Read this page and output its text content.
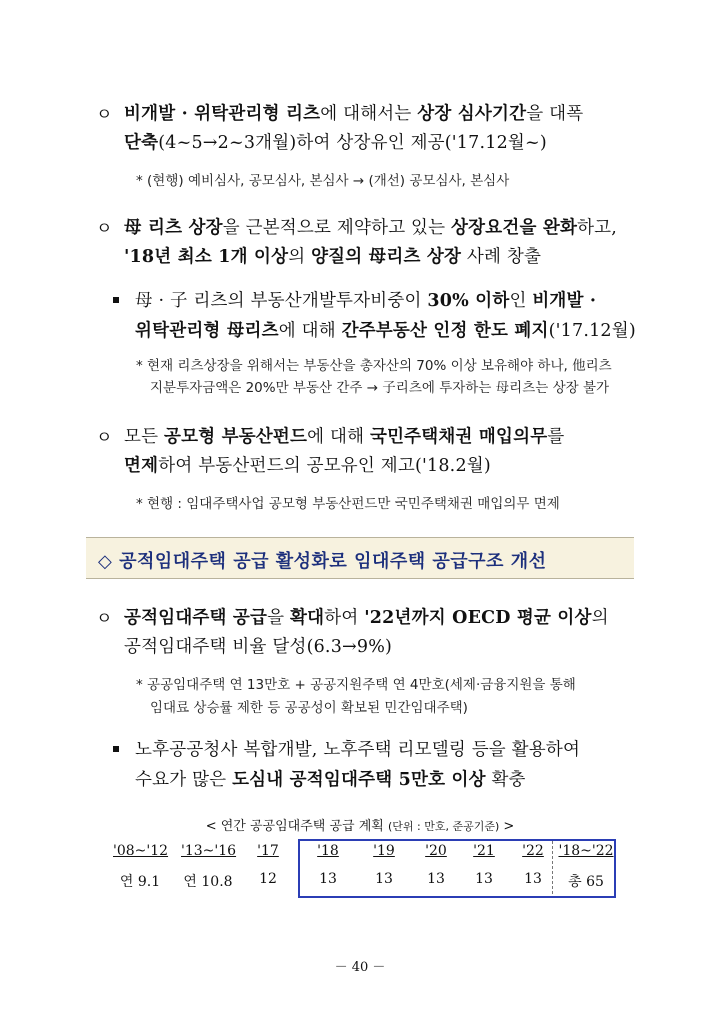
ㅇ 비개발 · 위탁관리형 리츠에 대해서는 상장 심사기간을 대폭
단축(4~5→2~3개월)하여 상장유인 제공('17.12월~)
* (현행) 예비심사, 공모심사, 본심사 → (개선) 공모심사, 본심사
ㅇ 母 리츠 상장을 근본적으로 제약하고 있는 상장요건을 완화하고,
'18년 최소 1개 이상의 양질의 母리츠 상장 사례 창출
母 · 子 리츠의 부동산개발투자비중이 30% 이하인 비개발 ·
위탁관리형 母리츠에 대해 간주부동산 인정 한도 폐지('17.12월)
* 현재 리츠상장을 위해서는 부동산을 총자산의 70% 이상 보유해야 하나, 他리츠
지분투자금액은 20%만 부동산 간주 → 子리츠에 투자하는 母리츠는 상장 불가
ㅇ 모든 공모형 부동산펀드에 대해 국민주택채권 매입의무를
면제하여 부동산펀드의 공모유인 제고('18.2월)
* 현행 : 임대주택사업 공모형 부동산펀드만 국민주택채권 매입의무 면제
◇ 공적임대주택 공급 활성화로 임대주택 공급구조 개선
ㅇ 공적임대주택 공급을 확대하여 '22년까지 OECD 평균 이상의
공적임대주택 비율 달성(6.3→9%)
* 공공임대주택 연 13만호 + 공공지원주택 연 4만호(세제·금융지원을 통해
임대료 상승률 제한 등 공공성이 확보된 민간임대주택)
노후공공청사 복합개발, 노후주택 리모델링 등을 활용하여
수요가 많은 도심내 공적임대주택 5만호 이상 확충
< 연간 공공임대주택 공급 계획 (단위 : 만호, 준공기준) >
'08~'12 '13~'16	'17	'18	'19	'20	'21	'22	'18~'22
연 9.1	연 10.8	12	13	13	13	13	13	총 65
－ 40 －
